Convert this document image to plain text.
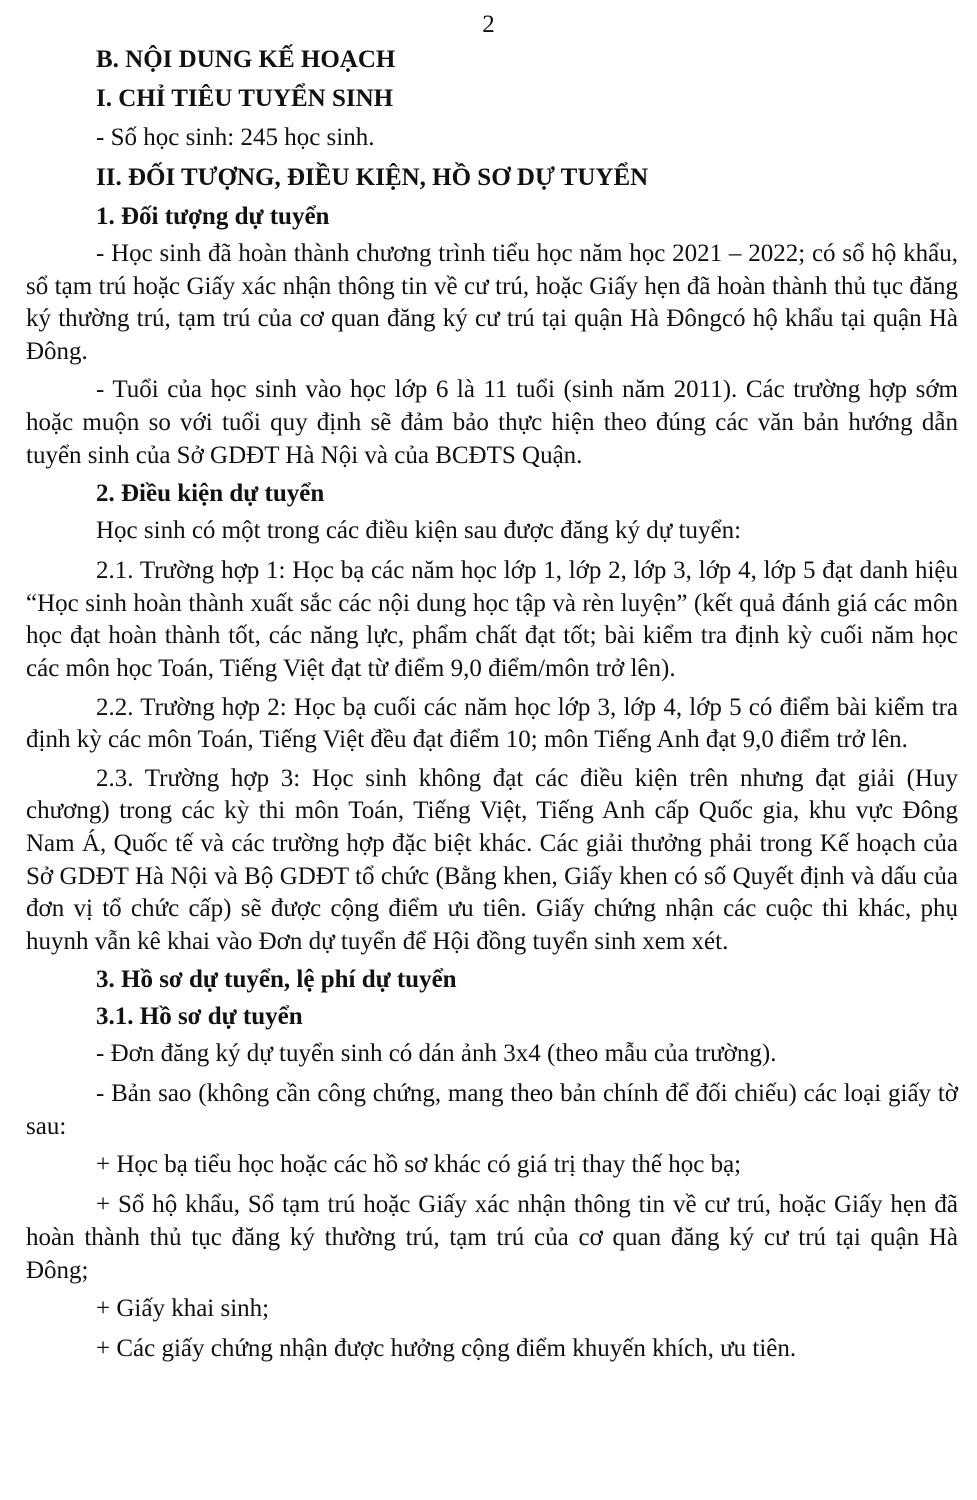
2
B. NỘI DUNG KẾ HOẠCH
I. CHỈ TIÊU TUYỂN SINH
- Số học sinh: 245 học sinh.
II. ĐỐI TƯỢNG, ĐIỀU KIỆN, HỒ SƠ DỰ TUYỂN
1. Đối tượng dự tuyển
- Học sinh đã hoàn thành chương trình tiểu học năm học 2021 – 2022; có sổ hộ khẩu, sổ tạm trú hoặc Giấy xác nhận thông tin về cư trú, hoặc Giấy hẹn đã hoàn thành thủ tục đăng ký thường trú, tạm trú của cơ quan đăng ký cư trú tại quận Hà Đôngcó hộ khẩu tại quận Hà Đông.
- Tuổi của học sinh vào học lớp 6 là 11 tuổi (sinh năm 2011). Các trường hợp sớm hoặc muộn so với tuổi quy định sẽ đảm bảo thực hiện theo đúng các văn bản hướng dẫn tuyển sinh của Sở GDĐT Hà Nội và của BCĐTS Quận.
2. Điều kiện dự tuyển
Học sinh có một trong các điều kiện sau được đăng ký dự tuyển:
2.1. Trường hợp 1: Học bạ các năm học lớp 1, lớp 2, lớp 3, lớp 4, lớp 5 đạt danh hiệu “Học sinh hoàn thành xuất sắc các nội dung học tập và rèn luyện” (kết quả đánh giá các môn học đạt hoàn thành tốt, các năng lực, phẩm chất đạt tốt; bài kiểm tra định kỳ cuối năm học các môn học Toán, Tiếng Việt đạt từ điểm 9,0 điểm/môn trở lên).
2.2. Trường hợp 2: Học bạ cuối các năm học lớp 3, lớp 4, lớp 5 có điểm bài kiểm tra định kỳ các môn Toán, Tiếng Việt đều đạt điểm 10; môn Tiếng Anh đạt 9,0 điểm trở lên.
2.3. Trường hợp 3: Học sinh không đạt các điều kiện trên nhưng đạt giải (Huy chương) trong các kỳ thi môn Toán, Tiếng Việt, Tiếng Anh cấp Quốc gia, khu vực Đông Nam Á, Quốc tế và các trường hợp đặc biệt khác. Các giải thưởng phải trong Kế hoạch của Sở GDĐT Hà Nội và Bộ GDĐT tổ chức (Bằng khen, Giấy khen có số Quyết định và dấu của đơn vị tổ chức cấp) sẽ được cộng điểm ưu tiên. Giấy chứng nhận các cuộc thi khác, phụ huynh vẫn kê khai vào Đơn dự tuyển để Hội đồng tuyển sinh xem xét.
3. Hồ sơ dự tuyển, lệ phí dự tuyển
3.1. Hồ sơ dự tuyển
- Đơn đăng ký dự tuyển sinh có dán ảnh 3x4 (theo mẫu của trường).
- Bản sao (không cần công chứng, mang theo bản chính để đối chiếu) các loại giấy tờ sau:
+ Học bạ tiểu học hoặc các hồ sơ khác có giá trị thay thế học bạ;
+ Sổ hộ khẩu, Sổ tạm trú hoặc Giấy xác nhận thông tin về cư trú, hoặc Giấy hẹn đã hoàn thành thủ tục đăng ký thường trú, tạm trú của cơ quan đăng ký cư trú tại quận Hà Đông;
+ Giấy khai sinh;
+ Các giấy chứng nhận được hưởng cộng điểm khuyến khích, ưu tiên.
